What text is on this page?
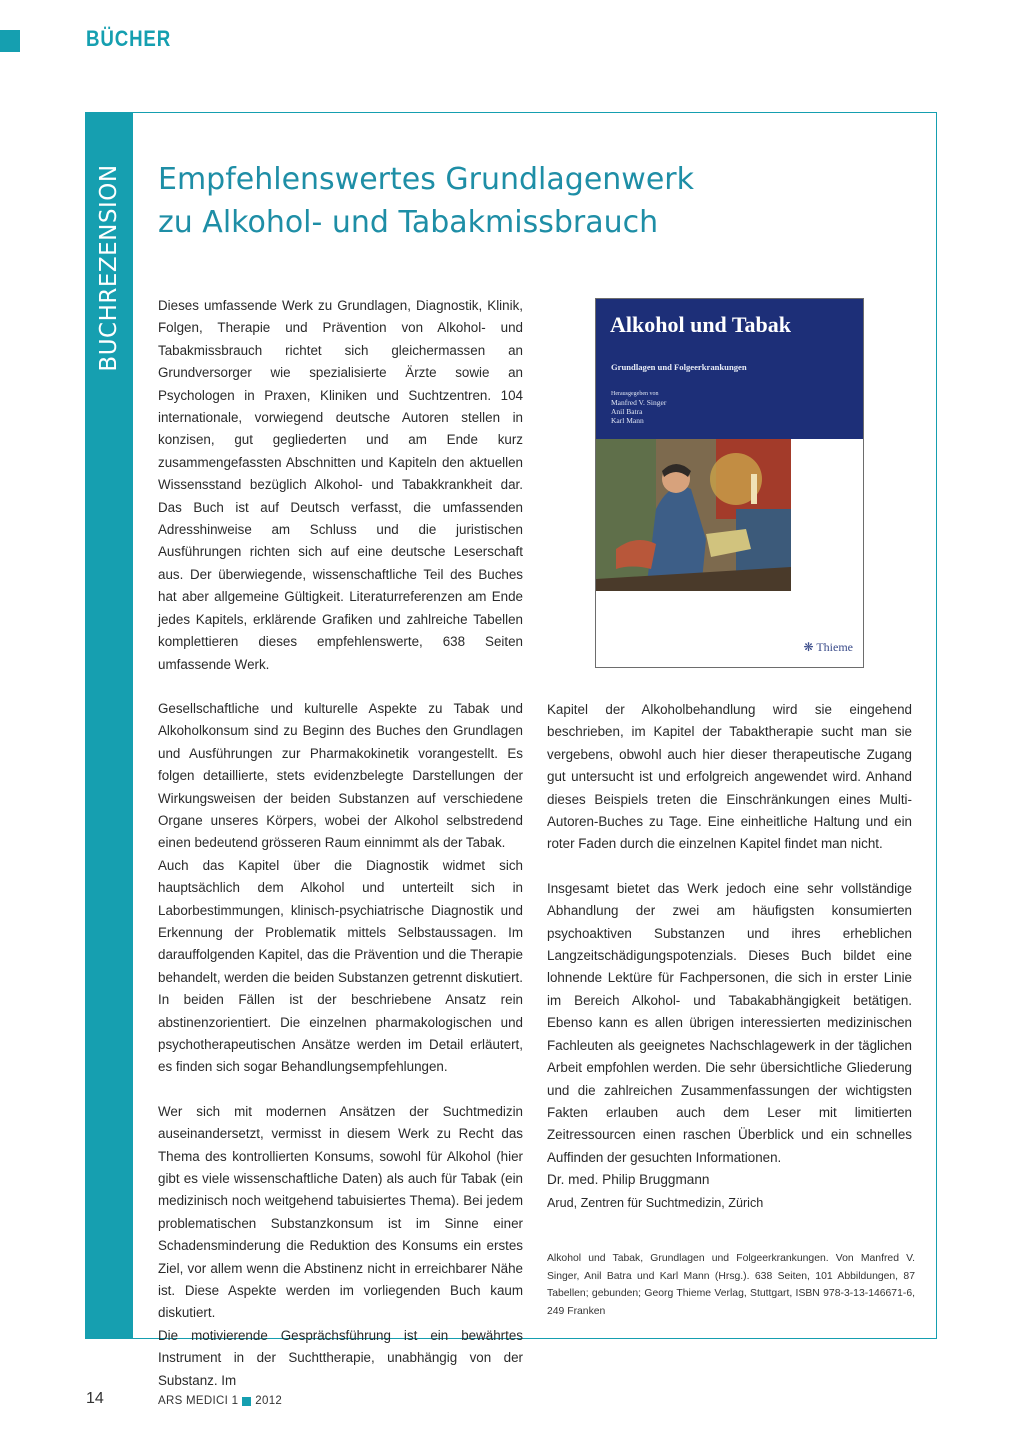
BÜCHER
BUCHREZENSION Empfehlenswertes Grundlagenwerk
zu Alkohol- und Tabakmissbrauch

Dieses umfassende Werk zu Grundlagen, Diagnostik, Klinik, Folgen, Therapie und Prävention von Alkohol- und Tabakmissbrauch richtet sich gleichermassen an Grundversorger wie spezialisierte Ärzte sowie an Psychologen in Praxen, Kliniken und Suchtzentren. 104 internationale, vorwiegend deutsche Autoren stellen in konzisen, gut gegliederten und am Ende kurz zusammengefassten Abschnitten und Kapiteln den aktuellen Wissensstand bezüglich Alkohol- und Tabakkrankheit dar. Das Buch ist auf Deutsch verfasst, die umfassenden Adresshinweise am Schluss und die juristischen Ausführungen richten sich auf eine deutsche Leserschaft aus. Der überwiegende, wissenschaftliche Teil des Buches hat aber allgemeine Gültigkeit. Literaturreferenzen am Ende jedes Kapitels, erklärende Grafiken und zahlreiche Tabellen komplettieren dieses empfehlenswerte, 638 Seiten umfassende Werk.

Gesellschaftliche und kulturelle Aspekte zu Tabak und Alkoholkonsum sind zu Beginn des Buches den Grundlagen und Ausführungen zur Pharmakokinetik vorangestellt. Es folgen detaillierte, stets evidenzbelegte Darstellungen der Wirkungsweisen der beiden Substanzen auf verschiedene Organe unseres Körpers, wobei der Alkohol selbstredend einen bedeutend grösseren Raum einnimmt als der Tabak.

Auch das Kapitel über die Diagnostik widmet sich hauptsächlich dem Alkohol und unterteilt sich in Laborbestimmungen, klinisch-psychiatrische Diagnostik und Erkennung der Problematik mittels Selbstaussagen. Im darauffolgenden Kapitel, das die Prävention und die Therapie behandelt, werden die beiden Substanzen getrennt diskutiert. In beiden Fällen ist der beschriebene Ansatz rein abstinenzorientiert. Die einzelnen pharmakologischen und psychotherapeutischen Ansätze werden im Detail erläutert, es finden sich sogar Behandlungsempfehlungen.

Wer sich mit modernen Ansätzen der Suchtmedizin auseinandersetzt, vermisst in diesem Werk zu Recht das Thema des kontrollierten Konsums, sowohl für Alkohol (hier gibt es viele wissenschaftliche Daten) als auch für Tabak (ein medizinisch noch weitgehend tabuisiertes Thema). Bei jedem problematischen Substanzkonsum ist im Sinne einer Schadensminderung die Reduktion des Konsums ein erstes Ziel, vor allem wenn die Abstinenz nicht in erreichbarer Nähe ist. Diese Aspekte werden im vorliegenden Buch kaum diskutiert.

Die motivierende Gesprächsführung ist ein bewährtes Instrument in der Suchttherapie, unabhängig von der Substanz. Im

Alkohol und Tabak
Grundlagen und Folgeerkrankungen
Herausgegeben von
Manfred V. Singer
Anil Batra
Karl Mann
❋ Thieme

Kapitel der Alkoholbehandlung wird sie eingehend beschrieben, im Kapitel der Tabaktherapie sucht man sie vergebens, obwohl auch hier dieser therapeutische Zugang gut untersucht ist und erfolgreich angewendet wird. Anhand dieses Beispiels treten die Einschränkungen eines Multi-Autoren-Buches zu Tage. Eine einheitliche Haltung und ein roter Faden durch die einzelnen Kapitel findet man nicht.

Insgesamt bietet das Werk jedoch eine sehr vollständige Abhandlung der zwei am häufigsten konsumierten psychoaktiven Substanzen und ihres erheblichen Langzeitschädigungspotenzials. Dieses Buch bildet eine lohnende Lektüre für Fachpersonen, die sich in erster Linie im Bereich Alkohol- und Tabakabhängigkeit betätigen. Ebenso kann es allen übrigen interessierten medizinischen Fachleuten als geeignetes Nachschlagewerk in der täglichen Arbeit empfohlen werden. Die sehr übersichtliche Gliederung und die zahlreichen Zusammenfassungen der wichtigsten Fakten erlauben auch dem Leser mit limitierten Zeitressourcen einen raschen Überblick und ein schnelles Auffinden der gesuchten Informationen.

Dr. med. Philip Bruggmann

Arud, Zentren für Suchtmedizin, Zürich

Alkohol und Tabak, Grundlagen und Folgeerkrankungen. Von Manfred V. Singer, Anil Batra und Karl Mann (Hrsg.). 638 Seiten, 101 Abbildungen, 87 Tabellen; gebunden; Georg Thieme Verlag, Stuttgart, ISBN 978-3-13-146671-6, 249 Franken
14	ARS MEDICI 1 2012
